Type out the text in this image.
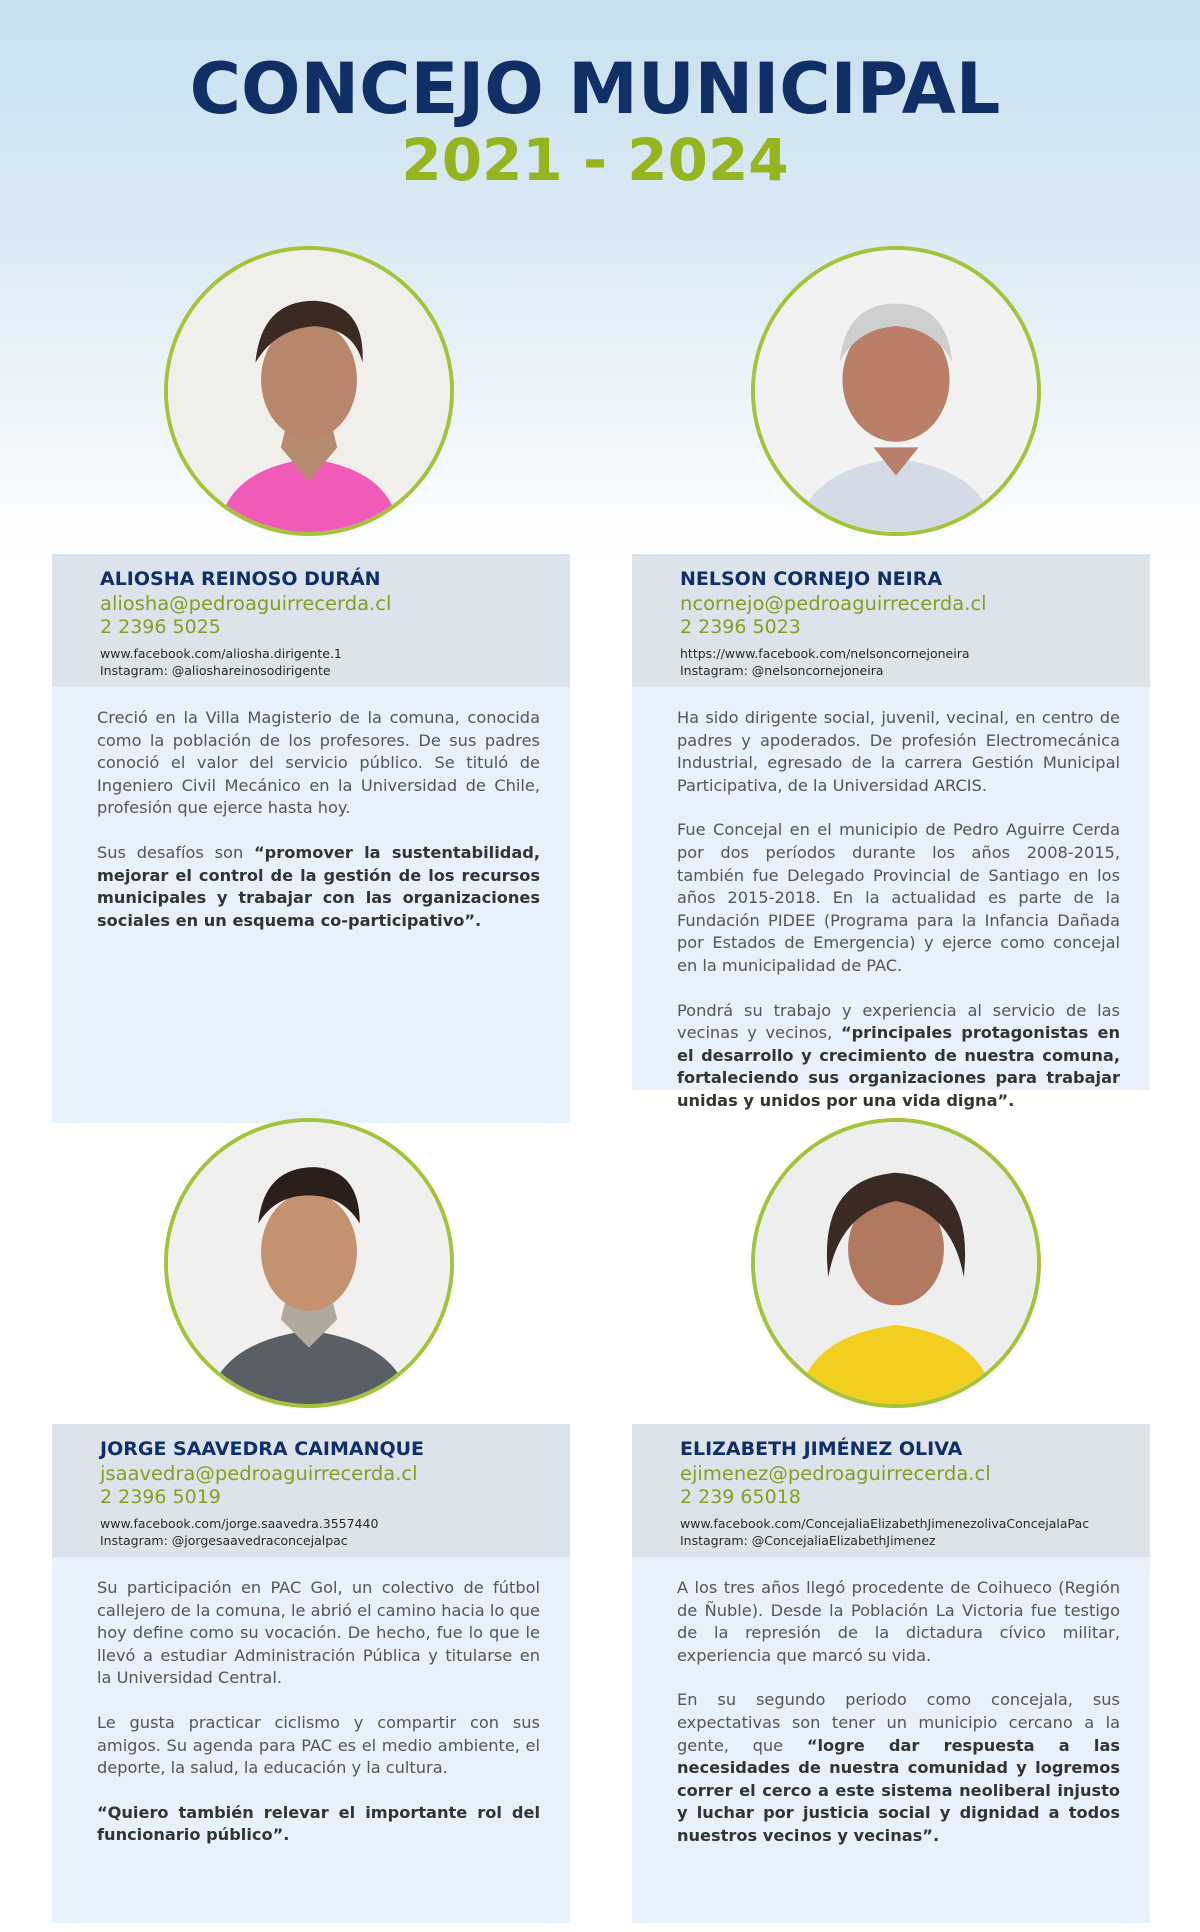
CONCEJO MUNICIPAL
2021 - 2024
ALIOSHA REINOSO DURÁN
aliosha@pedroaguirrecerda.cl
2 2396 5025
www.facebook.com/aliosha.dirigente.1
Instagram: @alioshareinosodirigente

Creció en la Villa Magisterio de la comuna, conocida como la población de los profesores. De sus padres conoció el valor del servicio público. Se tituló de Ingeniero Civil Mecánico en la Universidad de Chile, profesión que ejerce hasta hoy.

Sus desafíos son “promover la sustentabilidad, mejorar el control de la gestión de los recursos municipales y trabajar con las organizaciones sociales en un esquema co-participativo”.

NELSON CORNEJO NEIRA
ncornejo@pedroaguirrecerda.cl
2 2396 5023
https://www.facebook.com/nelsoncornejoneira
Instagram: @nelsoncornejoneira

Ha sido dirigente social, juvenil, vecinal, en centro de padres y apoderados. De profesión Electromecánica Industrial, egresado de la carrera Gestión Municipal Participativa, de la Universidad ARCIS.

Fue Concejal en el municipio de Pedro Aguirre Cerda por dos períodos durante los años 2008-2015, también fue Delegado Provincial de Santiago en los años 2015-2018. En la actualidad es parte de la Fundación PIDEE (Programa para la Infancia Dañada por Estados de Emergencia) y ejerce como concejal en la municipalidad de PAC.

Pondrá su trabajo y experiencia al servicio de las vecinas y vecinos, “principales protagonistas en el desarrollo y crecimiento de nuestra comuna, fortaleciendo sus organizaciones para trabajar unidas y unidos por una vida digna”.

JORGE SAAVEDRA CAIMANQUE
jsaavedra@pedroaguirrecerda.cl
2 2396 5019
www.facebook.com/jorge.saavedra.3557440
Instagram: @jorgesaavedraconcejalpac

Su participación en PAC Gol, un colectivo de fútbol callejero de la comuna, le abrió el camino hacia lo que hoy define como su vocación. De hecho, fue lo que le llevó a estudiar Administración Pública y titularse en la Universidad Central.

Le gusta practicar ciclismo y compartir con sus amigos. Su agenda para PAC es el medio ambiente, el deporte, la salud, la educación y la cultura.

“Quiero también relevar el importante rol del funcionario público”.

ELIZABETH JIMÉNEZ OLIVA
ejimenez@pedroaguirrecerda.cl
2 239 65018
www.facebook.com/ConcejaliaElizabethJimenezolivaConcejalaPac
Instagram: @ConcejaliaElizabethJimenez

A los tres años llegó procedente de Coihueco (Región de Ñuble). Desde la Población La Victoria fue testigo de la represión de la dictadura cívico militar, experiencia que marcó su vida.

En su segundo periodo como concejala, sus expectativas son tener un municipio cercano a la gente, que “logre dar respuesta a las necesidades de nuestra comunidad y logremos correr el cerco a este sistema neoliberal injusto y luchar por justicia social y dignidad a todos nuestros vecinos y vecinas”.
